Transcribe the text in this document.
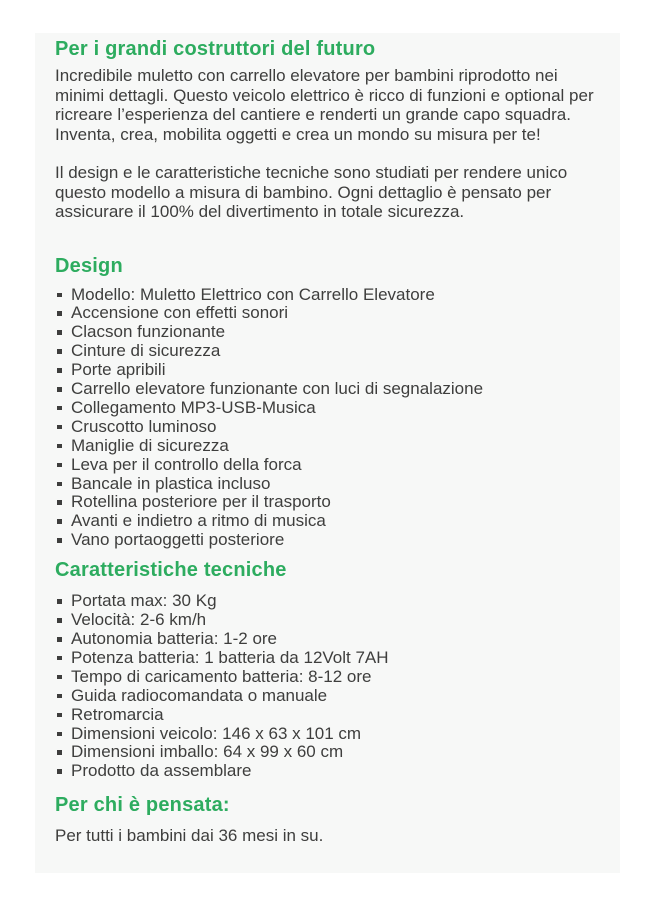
Per i grandi costruttori del futuro

Incredibile muletto con carrello elevatore per bambini riprodotto nei minimi dettagli. Questo veicolo elettrico è ricco di funzioni e optional per ricreare l’esperienza del cantiere e renderti un grande capo squadra. Inventa, crea, mobilita oggetti e crea un mondo su misura per te!

Il design e le caratteristiche tecniche sono studiati per rendere unico questo modello a misura di bambino. Ogni dettaglio è pensato per assicurare il 100% del divertimento in totale sicurezza.

Design
Modello: Muletto Elettrico con Carrello Elevatore
Accensione con effetti sonori
Clacson funzionante
Cinture di sicurezza
Porte apribili
Carrello elevatore funzionante con luci di segnalazione
Collegamento MP3-USB-Musica
Cruscotto luminoso
Maniglie di sicurezza
Leva per il controllo della forca
Bancale in plastica incluso
Rotellina posteriore per il trasporto
Avanti e indietro a ritmo di musica
Vano portaoggetti posteriore
Caratteristiche tecniche
Portata max: 30 Kg
Velocità: 2-6 km/h
Autonomia batteria: 1-2 ore
Potenza batteria: 1 batteria da 12Volt 7AH
Tempo di caricamento batteria: 8-12 ore
Guida radiocomandata o manuale
Retromarcia
Dimensioni veicolo: 146 x 63 x 101 cm
Dimensioni imballo: 64 x 99 x 60 cm
Prodotto da assemblare
Per chi è pensata:

Per tutti i bambini dai 36 mesi in su.
